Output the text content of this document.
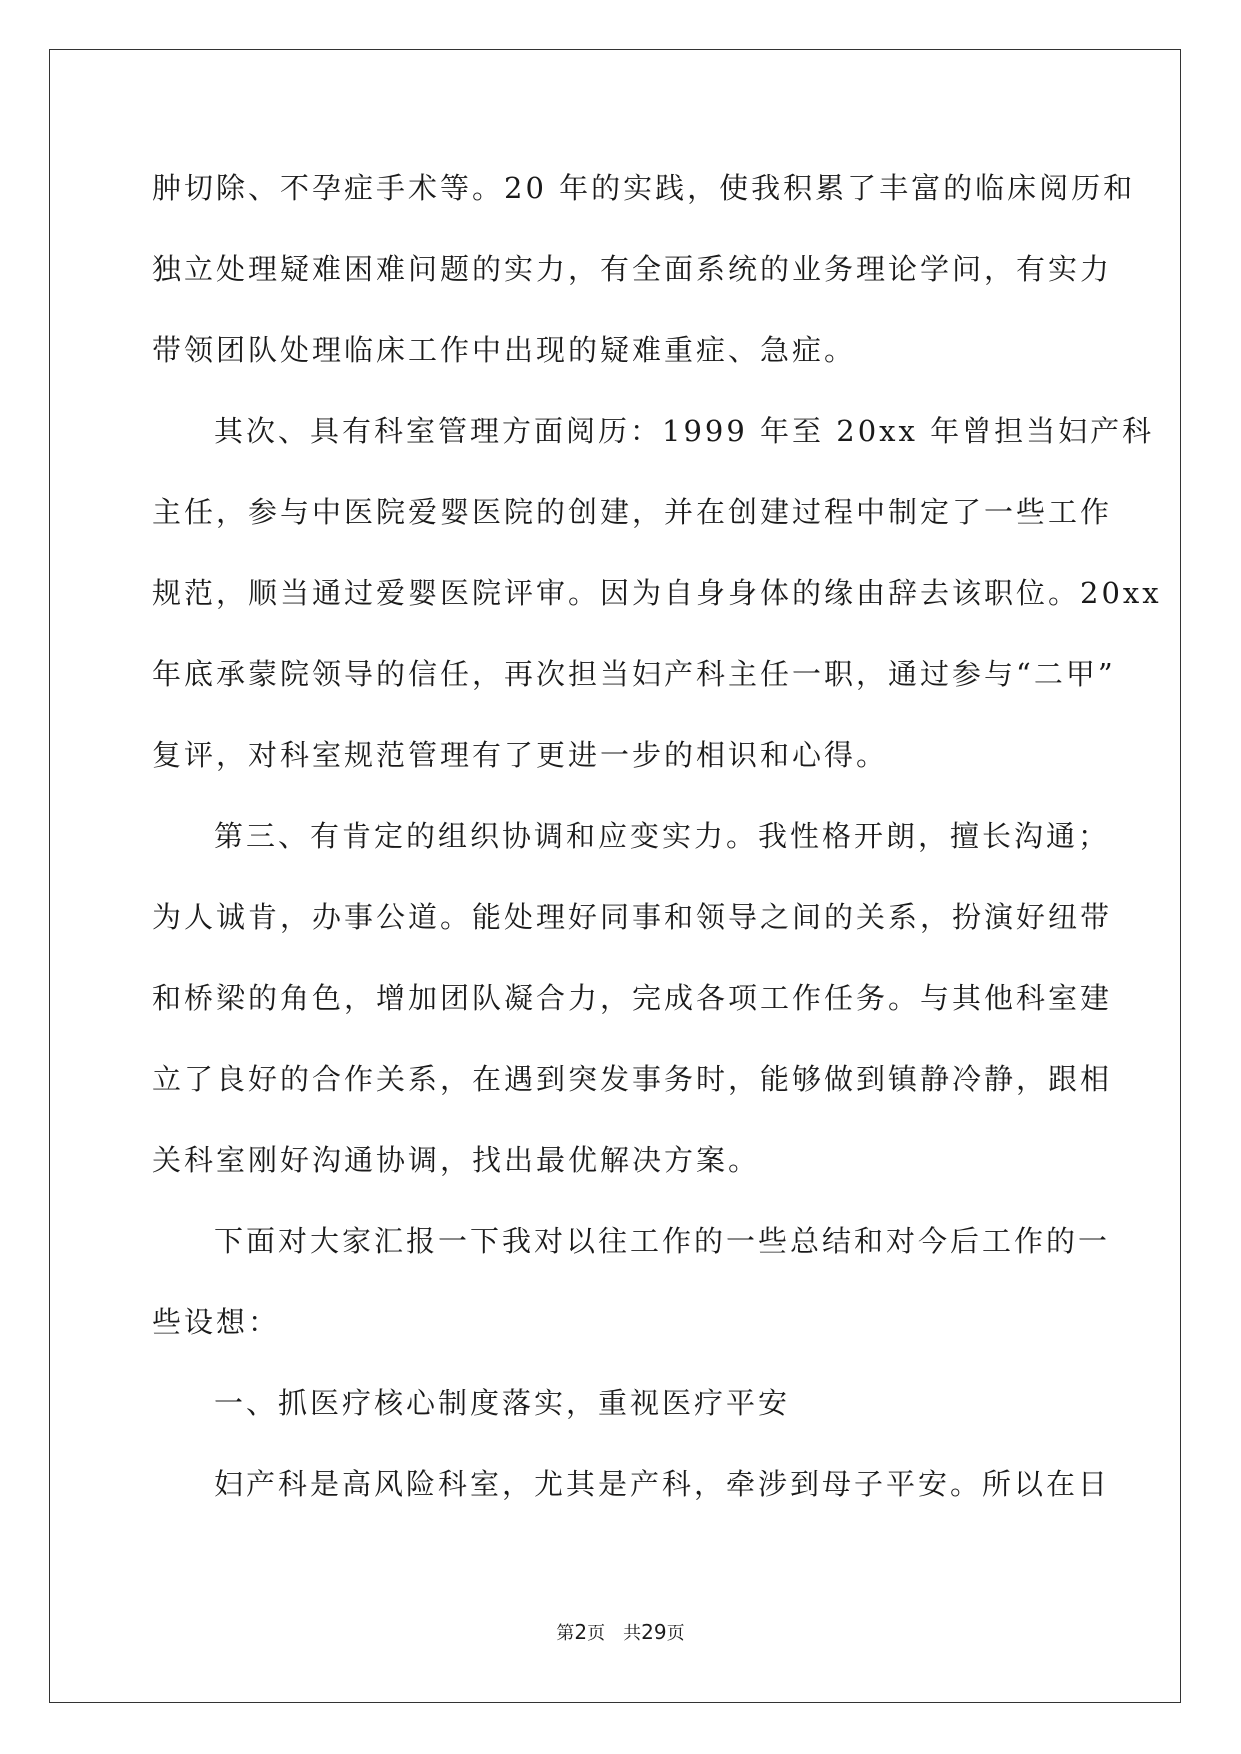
肿切除、不孕症手术等。20 年的实践，使我积累了丰富的临床阅历和
独立处理疑难困难问题的实力，有全面系统的业务理论学问，有实力
带领团队处理临床工作中出现的疑难重症、急症。
其次、具有科室管理方面阅历：1999 年至 20xx 年曾担当妇产科
主任，参与中医院爱婴医院的创建，并在创建过程中制定了一些工作
规范，顺当通过爱婴医院评审。因为自身身体的缘由辞去该职位。20xx
年底承蒙院领导的信任，再次担当妇产科主任一职，通过参与“二甲”
复评，对科室规范管理有了更进一步的相识和心得。
第三、有肯定的组织协调和应变实力。我性格开朗，擅长沟通；
为人诚肯，办事公道。能处理好同事和领导之间的关系，扮演好纽带
和桥梁的角色，增加团队凝合力，完成各项工作任务。与其他科室建
立了良好的合作关系，在遇到突发事务时，能够做到镇静冷静，跟相
关科室刚好沟通协调，找出最优解决方案。
下面对大家汇报一下我对以往工作的一些总结和对今后工作的一
些设想：
一、抓医疗核心制度落实，重视医疗平安
妇产科是高风险科室，尤其是产科，牵涉到母子平安。所以在日
第2页 共29页
